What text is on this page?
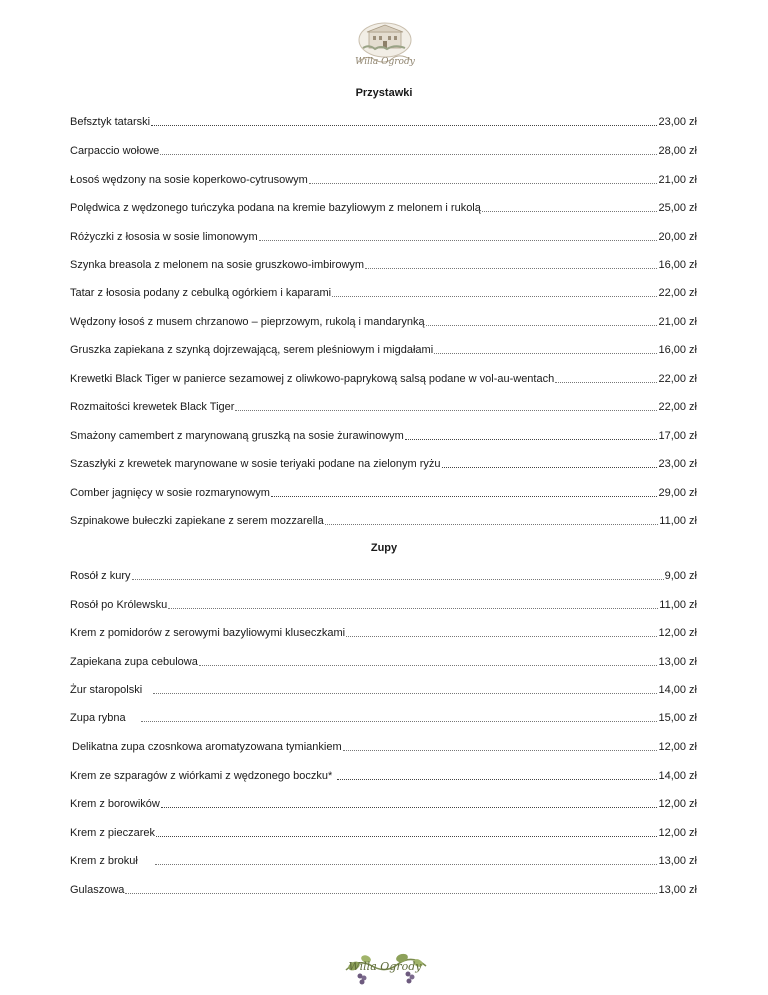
Willa Ogrody
Przystawki
Befsztyk tatarski	23,00 zł
Carpaccio wołowe	28,00 zł
Łosoś wędzony na sosie koperkowo-cytrusowym	21,00 zł
Polędwica z wędzonego tuńczyka podana na kremie bazyliowym z melonem i rukolą	25,00 zł
Różyczki z łososia w sosie limonowym	20,00 zł
Szynka breasola z melonem na sosie gruszkowo-imbirowym	16,00 zł
Tatar z łososia podany z cebulką ogórkiem i kaparami	22,00 zł
Wędzony łosoś z musem chrzanowo – pieprzowym, rukolą i mandarynką	21,00 zł
Gruszka zapiekana z szynką dojrzewającą, serem pleśniowym i migdałami	16,00 zł
Krewetki Black Tiger w panierce sezamowej z oliwkowo-paprykową salsą podane w vol-au-wentach	22,00 zł
Rozmaitości krewetek Black Tiger	22,00 zł
Smażony camembert z marynowaną gruszką na sosie żurawinowym	17,00 zł
Szaszłyki z krewetek marynowane w sosie teriyaki podane na zielonym ryżu	23,00 zł
Comber jagnięcy w sosie rozmarynowym	29,00 zł
Szpinakowe bułeczki zapiekane z serem mozzarella	11,00 zł
Zupy
Rosół z kury	9,00 zł
Rosół po Królewsku	11,00 zł
Krem z pomidorów z serowymi bazyliowymi kluseczkami	12,00 zł
Zapiekana zupa cebulowa	13,00 zł
Żur staropolski	14,00 zł
Zupa rybna	15,00 zł
Delikatna zupa czosnkowa aromatyzowana tymiankiem	12,00 zł
Krem ze szparagów z wiórkami z wędzonego boczku*	14,00 zł
Krem z borowików	12,00 zł
Krem z pieczarek	12,00 zł
Krem z brokuł	13,00 zł
Gulaszowa	13,00 zł
Willa Ogrody
